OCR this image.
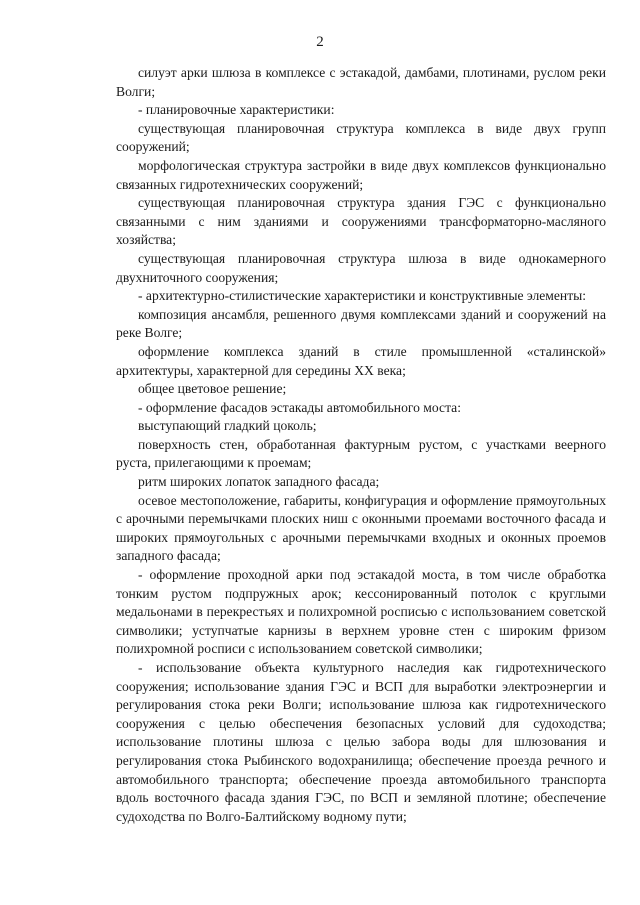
2

силуэт арки шлюза в комплексе с эстакадой, дамбами, плотинами, руслом реки Волги;

- планировочные характеристики:

существующая планировочная структура комплекса в виде двух групп сооружений;

морфологическая структура застройки в виде двух комплексов функционально связанных гидротехнических сооружений;

существующая планировочная структура здания ГЭС с функционально связанными с ним зданиями и сооружениями трансформаторно-масляного хозяйства;

существующая планировочная структура шлюза в виде однокамерного двухниточного сооружения;

- архитектурно-стилистические характеристики и конструктивные элементы:

композиция ансамбля, решенного двумя комплексами зданий и сооружений на реке Волге;

оформление комплекса зданий в стиле промышленной «сталинской» архитектуры, характерной для середины XX века;

общее цветовое решение;

- оформление фасадов эстакады автомобильного моста:

выступающий гладкий цоколь;

поверхность стен, обработанная фактурным рустом, с участками веерного руста, прилегающими к проемам;

ритм широких лопаток западного фасада;

осевое местоположение, габариты, конфигурация и оформление прямоугольных с арочными перемычками плоских ниш с оконными проемами восточного фасада и широких прямоугольных с арочными перемычками входных и оконных проемов западного фасада;

- оформление проходной арки под эстакадой моста, в том числе обработка тонким рустом подпружных арок; кессонированный потолок с круглыми медальонами в перекрестьях и полихромной росписью с использованием советской символики; уступчатые карнизы в верхнем уровне стен с широким фризом полихромной росписи с использованием советской символики;

- использование объекта культурного наследия как гидротехнического сооружения; использование здания ГЭС и ВСП для выработки электроэнергии и регулирования стока реки Волги; использование шлюза как гидротехнического сооружения с целью обеспечения безопасных условий для судоходства; использование плотины шлюза с целью забора воды для шлюзования и регулирования стока Рыбинского водохранилища; обеспечение проезда речного и автомобильного транспорта; обеспечение проезда автомобильного транспорта вдоль восточного фасада здания ГЭС, по ВСП и земляной плотине; обеспечение судоходства по Волго-Балтийскому водному пути;
